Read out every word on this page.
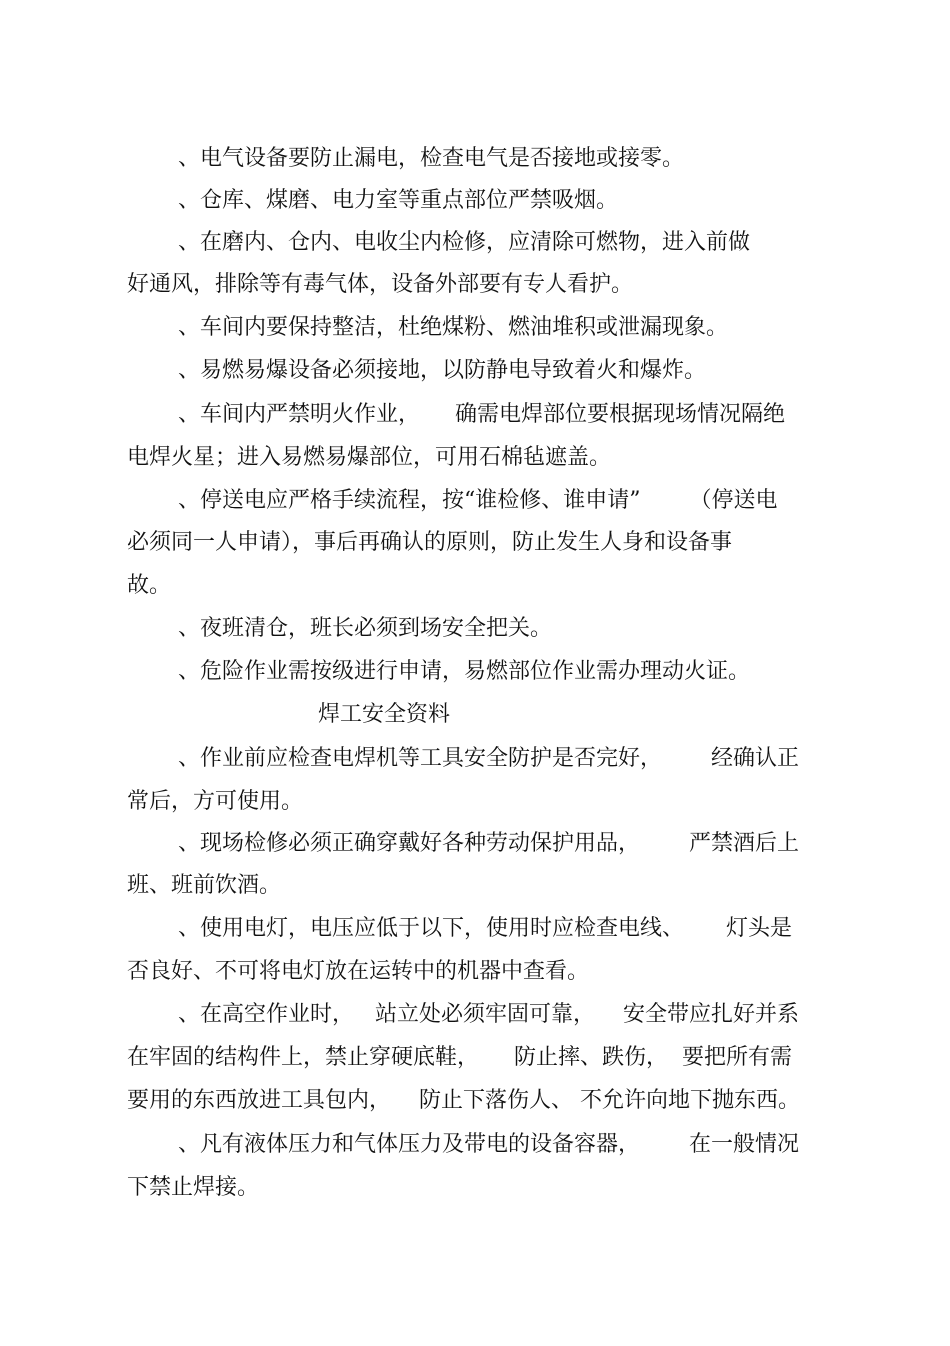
、电气设备要防止漏电，检查电气是否接地或接零。
、仓库、煤磨、电力室等重点部位严禁吸烟。
、在磨内、仓内、电收尘内检修，应清除可燃物，进入前做
好通风，排除等有毒气体，设备外部要有专人看护。
、车间内要保持整洁，杜绝煤粉、燃油堆积或泄漏现象。
、易燃易爆设备必须接地，以防静电导致着火和爆炸。
、车间内严禁明火作业，     确需电焊部位要根据现场情况隔绝
电焊火星；进入易燃易爆部位，可用石棉毡遮盖。
、停送电应严格手续流程，按“谁检修、谁申请”       （停送电
必须同一人申请），事后再确认的原则，防止发生人身和设备事
故。
、夜班清仓，班长必须到场安全把关。
、危险作业需按级进行申请，易燃部位作业需办理动火证。
焊工安全资料
、作业前应检查电焊机等工具安全防护是否完好，       经确认正
常后，方可使用。
、现场检修必须正确穿戴好各种劳动保护用品，       严禁酒后上
班、班前饮酒。
、使用电灯，电压应低于以下，使用时应检查电线、      灯头是
否良好、不可将电灯放在运转中的机器中查看。
、在高空作业时，   站立处必须牢固可靠，    安全带应扎好并系
在牢固的结构件上，禁止穿硬底鞋，     防止摔、跌伤，  要把所有需
要用的东西放进工具包内，    防止下落伤人、 不允许向地下抛东西。
、凡有液体压力和气体压力及带电的设备容器，       在一般情况
下禁止焊接。
